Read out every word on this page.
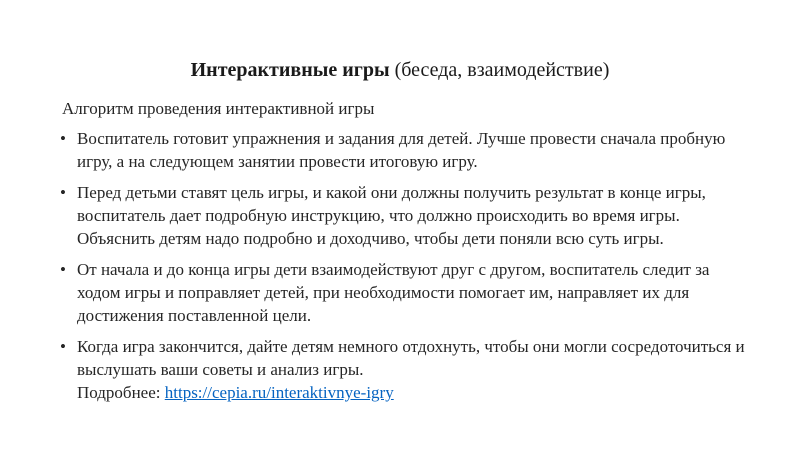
Интерактивные игры (беседа, взаимодействие)
Алгоритм проведения интерактивной игры
• Воспитатель готовит упражнения и задания для детей. Лучше провести сначала пробную игру, а на следующем занятии провести итоговую игру.
• Перед детьми ставят цель игры, и какой они должны получить результат в конце игры, воспитатель дает подробную инструкцию, что должно происходить во время игры. Объяснить детям надо подробно и доходчиво, чтобы дети поняли всю суть игры.
• От начала и до конца игры дети взаимодействуют друг с другом, воспитатель следит за ходом игры и поправляет детей, при необходимости помогает им, направляет их для достижения поставленной цели.
• Когда игра закончится, дайте детям немного отдохнуть, чтобы они могли сосредоточиться и выслушать ваши советы и анализ игры.
Подробнее: https://cepia.ru/interaktivnye-igry
